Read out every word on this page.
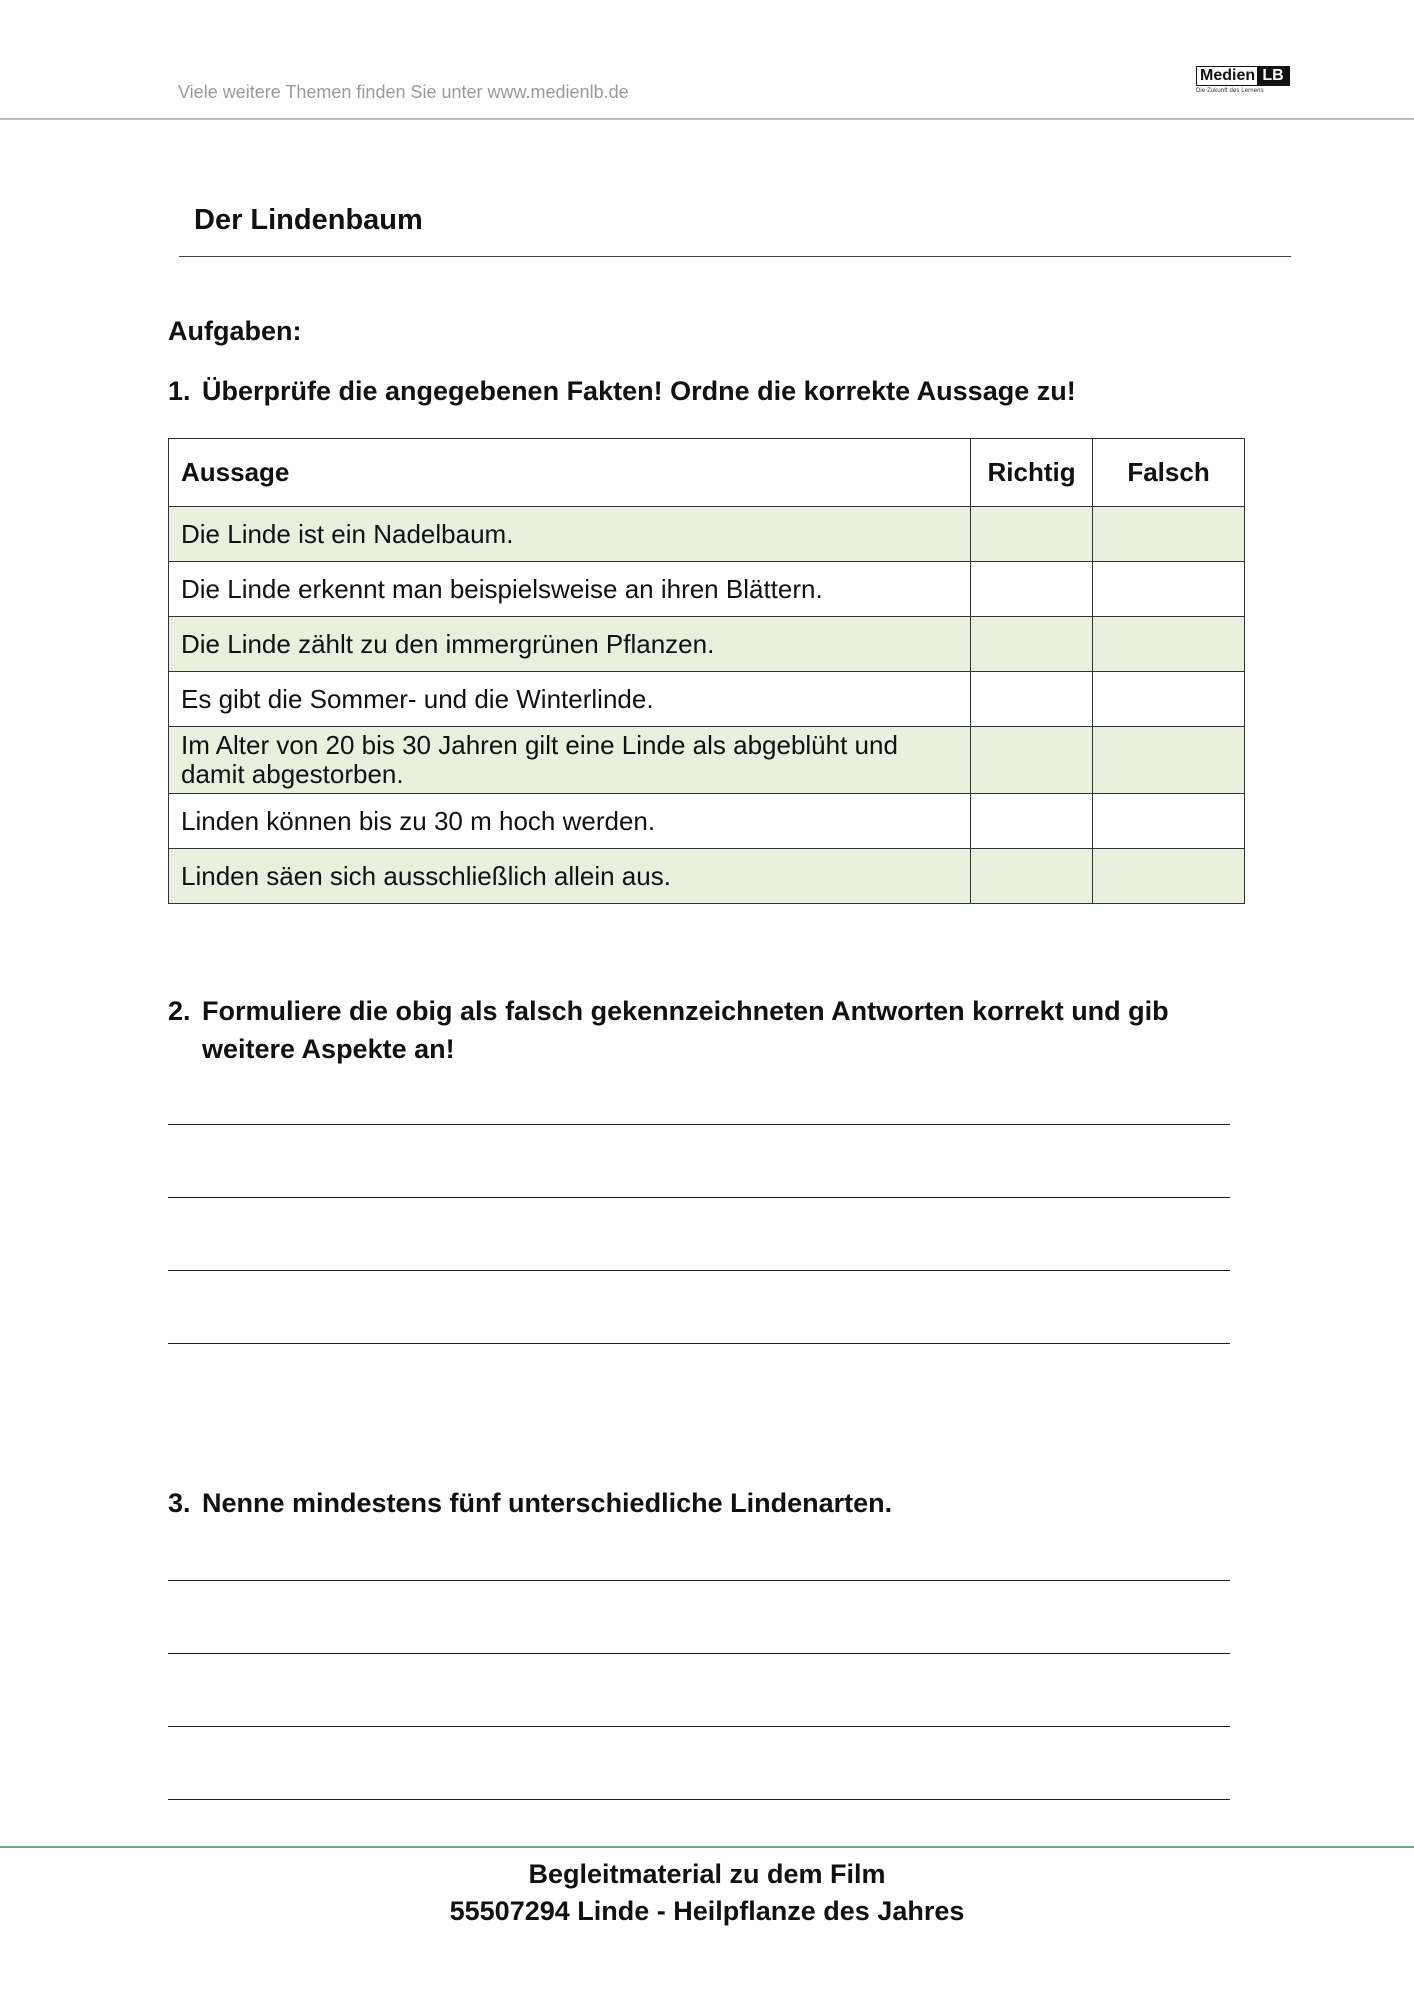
Viele weitere Themen finden Sie unter www.medienlb.de
Medien LB
Die Zukunft des Lernens
Der Lindenbaum
Aufgaben:
1. Überprüfe die angegebenen Fakten! Ordne die korrekte Aussage zu!
Aussage	Richtig	Falsch
Die Linde ist ein Nadelbaum.		
Die Linde erkennt man beispielsweise an ihren Blättern.		
Die Linde zählt zu den immergrünen Pflanzen.		
Es gibt die Sommer- und die Winterlinde.		
Im Alter von 20 bis 30 Jahren gilt eine Linde als abgeblüht und damit abgestorben.		
Linden können bis zu 30 m hoch werden.		
Linden säen sich ausschließlich allein aus.		
2. Formuliere die obig als falsch gekennzeichneten Antworten korrekt und gib weitere Aspekte an!
3. Nenne mindestens fünf unterschiedliche Lindenarten.
Begleitmaterial zu dem Film
55507294 Linde - Heilpflanze des Jahres
